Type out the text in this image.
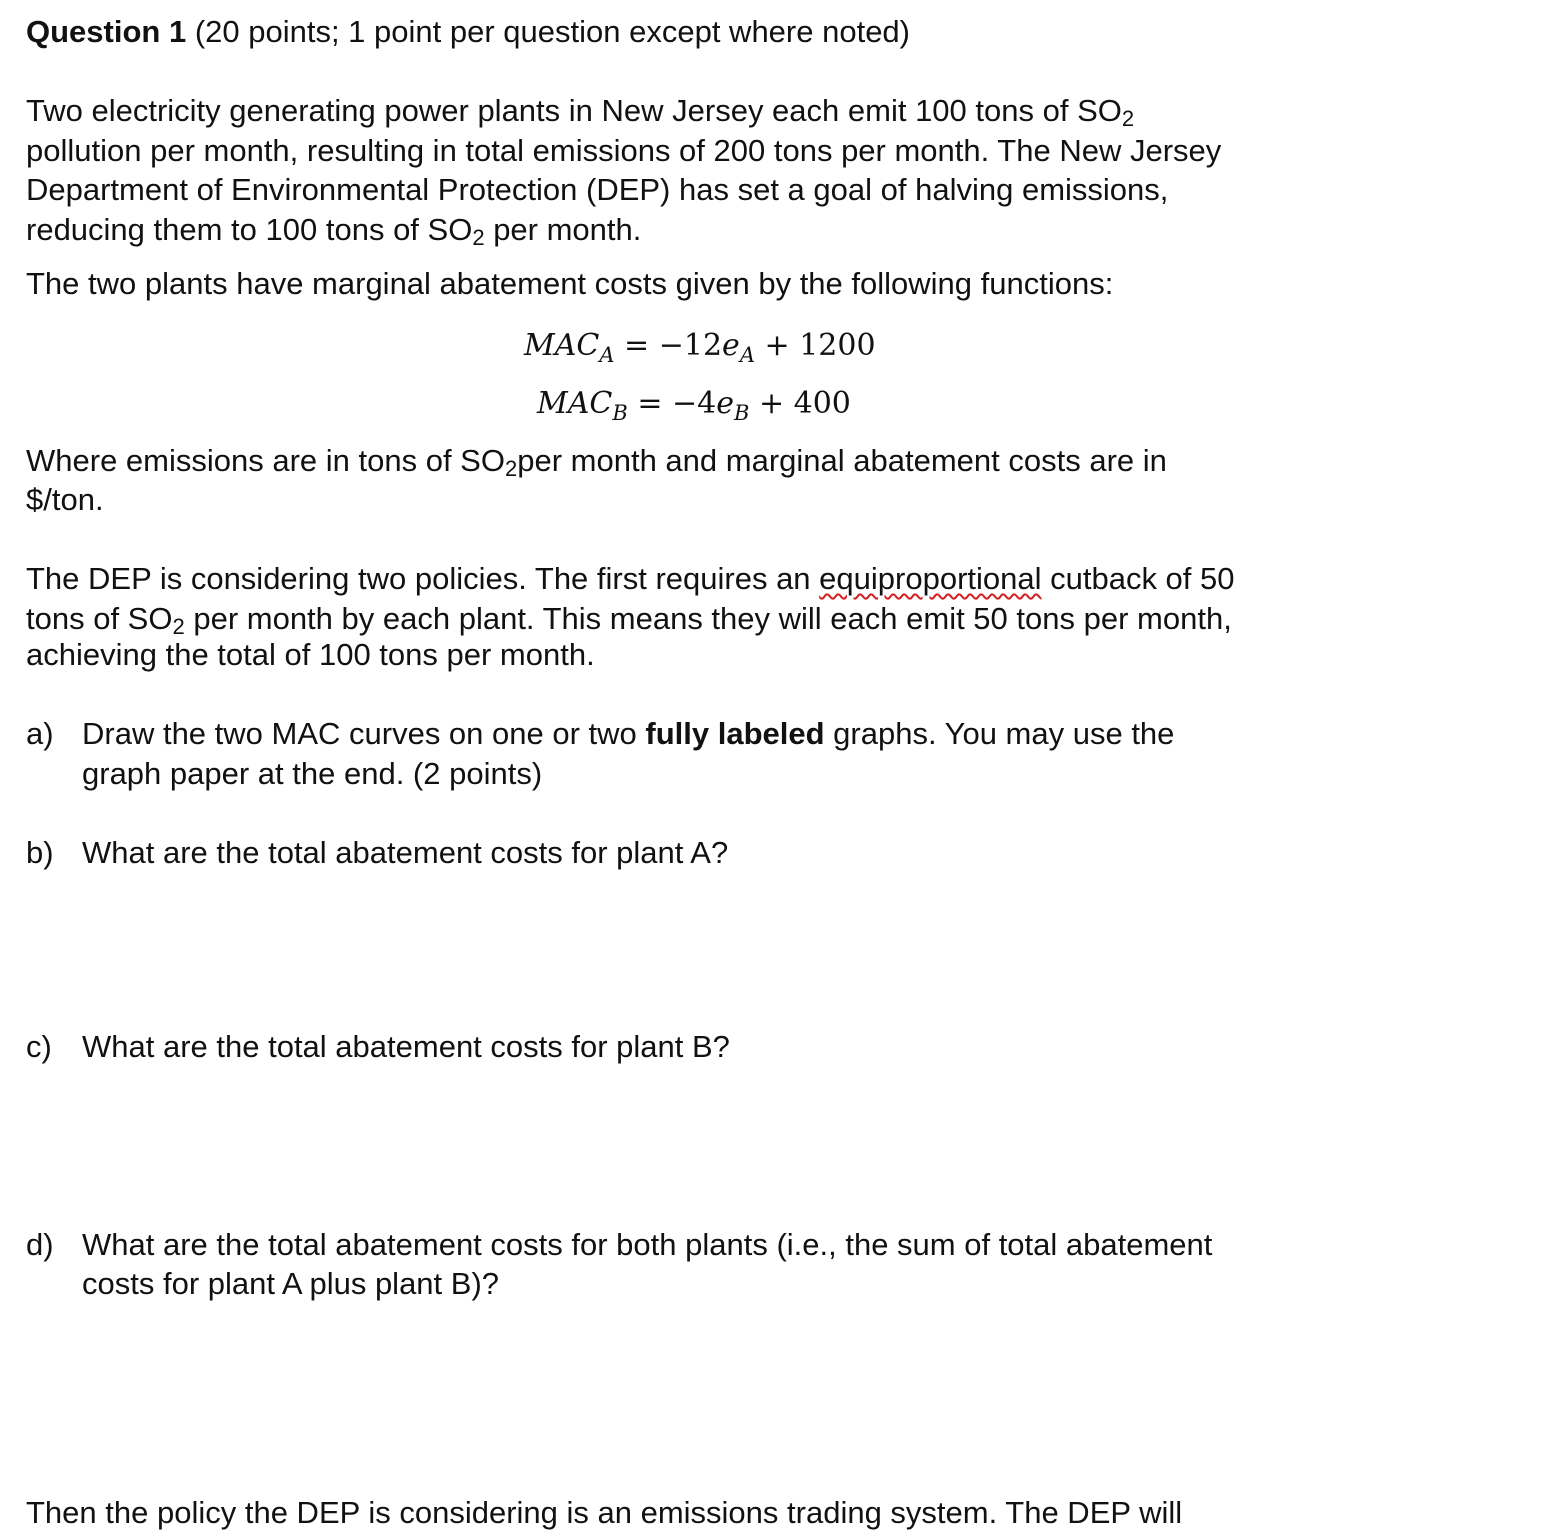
Question 1 (20 points; 1 point per question except where noted)

Two electricity generating power plants in New Jersey each emit 100 tons of $SO_2$

pollution per month, resulting in total emissions of 200 tons per month. The New Jersey

Department of Environmental Protection (DEP) has set a goal of halving emissions,

reducing them to 100 tons of $SO_2$ per month.

The two plants have marginal abatement costs given by the following functions:

$MAC_A = -12e_A + 1200$
$MAC_B = -4e_B + 400$

Where emissions are in tons of $SO_2per$ month and marginal abatement costs are in

$/ton.

The DEP is considering two policies. The first requires an equiproportional cutback of 50

tons of $SO_2$ per month by each plant. This means they will each emit 50 tons per month,

achieving the total of 100 tons per month.

a) Draw the two MAC curves on one or two fully labeled graphs. You may use the
graph paper at the end. (2 points)
b) What are the total abatement costs for plant A?
c) What are the total abatement costs for plant B?
d) What are the total abatement costs for both plants (i.e., the sum of total abatement
costs for plant A plus plant B)?
Then the policy the DEP is considering is an emissions trading system. The DEP will
